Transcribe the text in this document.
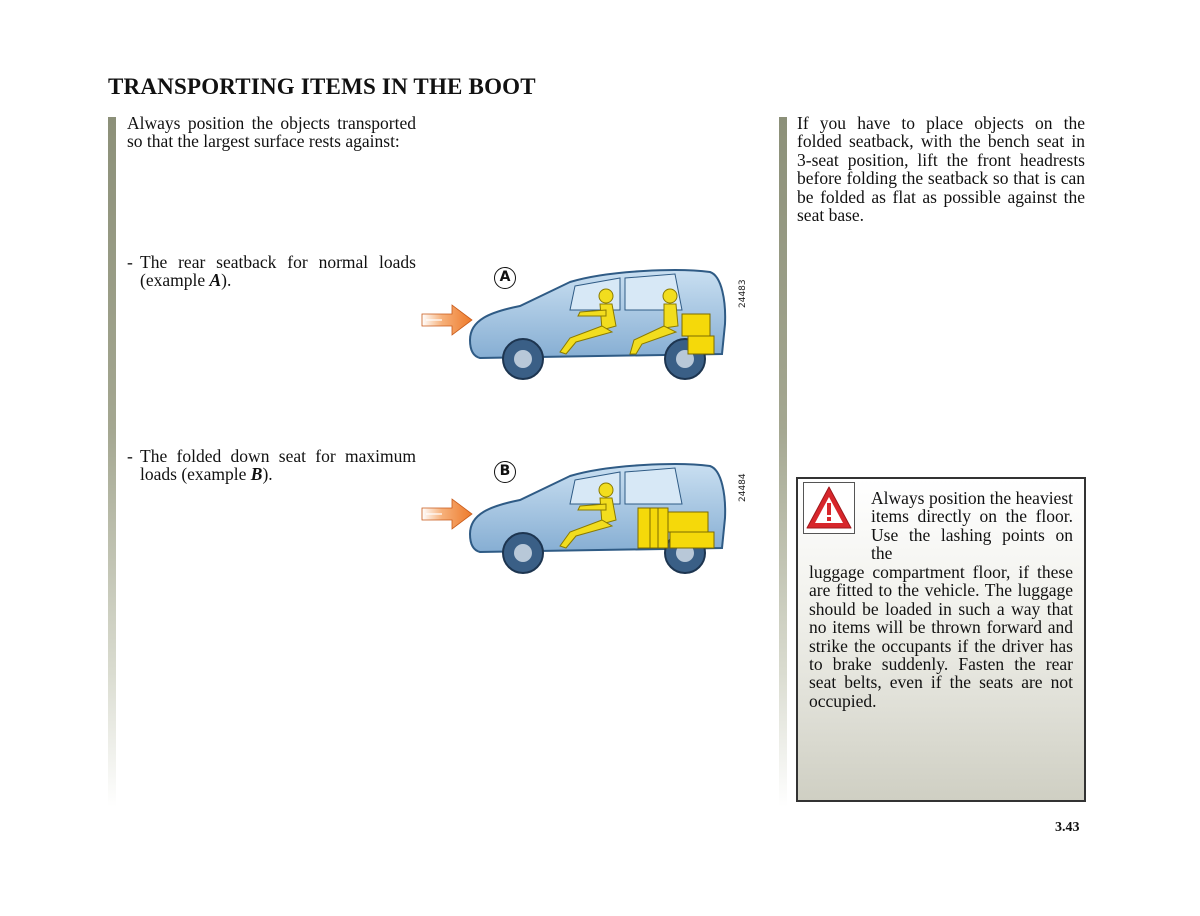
TRANSPORTING ITEMS IN THE BOOT
Always position the objects transported so that the largest surface rests against:
- The rear seatback for normal loads (example A).
- The folded down seat for maximum loads (example B).
24483
A
24484
B
If you have to place objects on the folded seatback, with the bench seat in 3-seat position, lift the front headrests before folding the seatback so that is can be folded as flat as possible against the seat base.
Always position the heaviest items directly on the floor. Use the lashing points on the
luggage compartment floor, if these are fitted to the vehicle. The luggage should be loaded in such a way that no items will be thrown forward and strike the occupants if the driver has to brake suddenly. Fasten the rear seat belts, even if the seats are not occupied.
3.43
